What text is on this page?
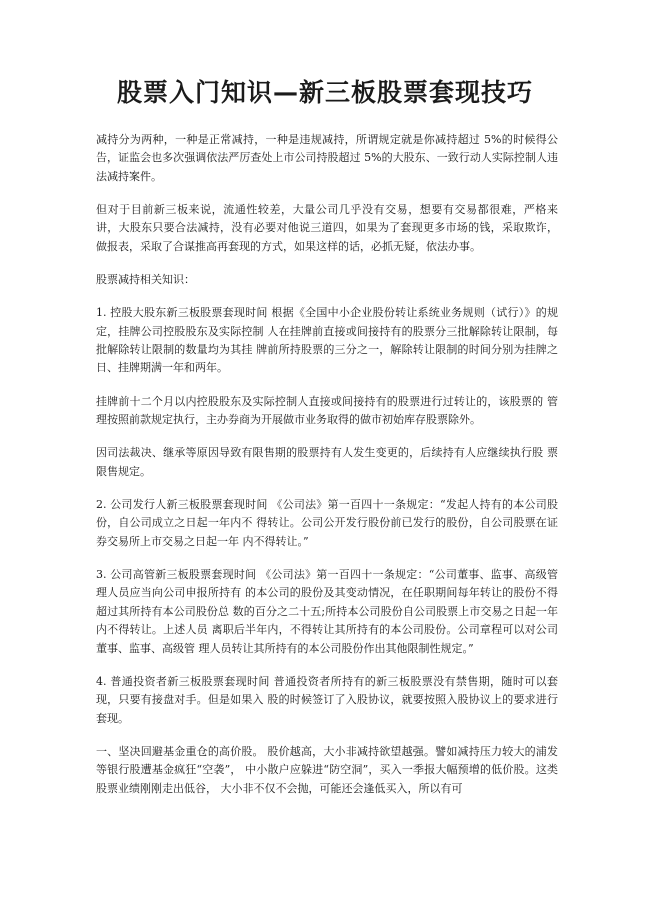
股票入门知识—新三板股票套现技巧

减持分为两种，一种是正常减持，一种是违规减持，所谓规定就是你减持超过 5%的时候得公告，证监会也多次强调依法严厉查处上市公司持股超过 5%的大股东、一致行动人实际控制人违法减持案件。

但对于目前新三板来说，流通性较差，大量公司几乎没有交易，想要有交易都很难，严格来 讲，大股东只要合法减持，没有必要对他说三道四，如果为了套现更多市场的钱，采取欺诈， 做报表，采取了合谋推高再套现的方式，如果这样的话，必抓无疑，依法办事。

股票减持相关知识：

1. 控股大股东新三板股票套现时间 根据《全国中小企业股份转让系统业务规则（试行）》的规定，挂牌公司控股股东及实际控制 人在挂牌前直接或间接持有的股票分三批解除转让限制，每批解除转让限制的数量均为其挂 牌前所持股票的三分之一，解除转让限制的时间分别为挂牌之日、挂牌期满一年和两年。

挂牌前十二个月以内控股股东及实际控制人直接或间接持有的股票进行过转让的，该股票的 管理按照前款规定执行，主办券商为开展做市业务取得的做市初始库存股票除外。

因司法裁决、继承等原因导致有限售期的股票持有人发生变更的，后续持有人应继续执行股 票限售规定。

2. 公司发行人新三板股票套现时间 《公司法》第一百四十一条规定：“发起人持有的本公司股份，自公司成立之日起一年内不 得转让。公司公开发行股份前已发行的股份，自公司股票在证券交易所上市交易之日起一年 内不得转让。”

3. 公司高管新三板股票套现时间 《公司法》第一百四十一条规定：“公司董事、监事、高级管理人员应当向公司申报所持有 的本公司的股份及其变动情况，在任职期间每年转让的股份不得超过其所持有本公司股份总 数的百分之二十五;所持本公司股份自公司股票上市交易之日起一年内不得转让。上述人员 离职后半年内，不得转让其所持有的本公司股份。公司章程可以对公司董事、监事、高级管 理人员转让其所持有的本公司股份作出其他限制性规定。”

4. 普通投资者新三板股票套现时间 普通投资者所持有的新三板股票没有禁售期，随时可以套现，只要有接盘对手。但是如果入 股的时候签订了入股协议，就要按照入股协议上的要求进行套现。

一、坚决回避基金重仓的高价股。 股价越高，大小非减持欲望越强。譬如减持压力较大的浦发等银行股遭基金疯狂“空袭”， 中小散户应躲进“防空洞”，买入一季报大幅预增的低价股。这类股票业绩刚刚走出低谷， 大小非不仅不会抛，可能还会逢低买入，所以有可
